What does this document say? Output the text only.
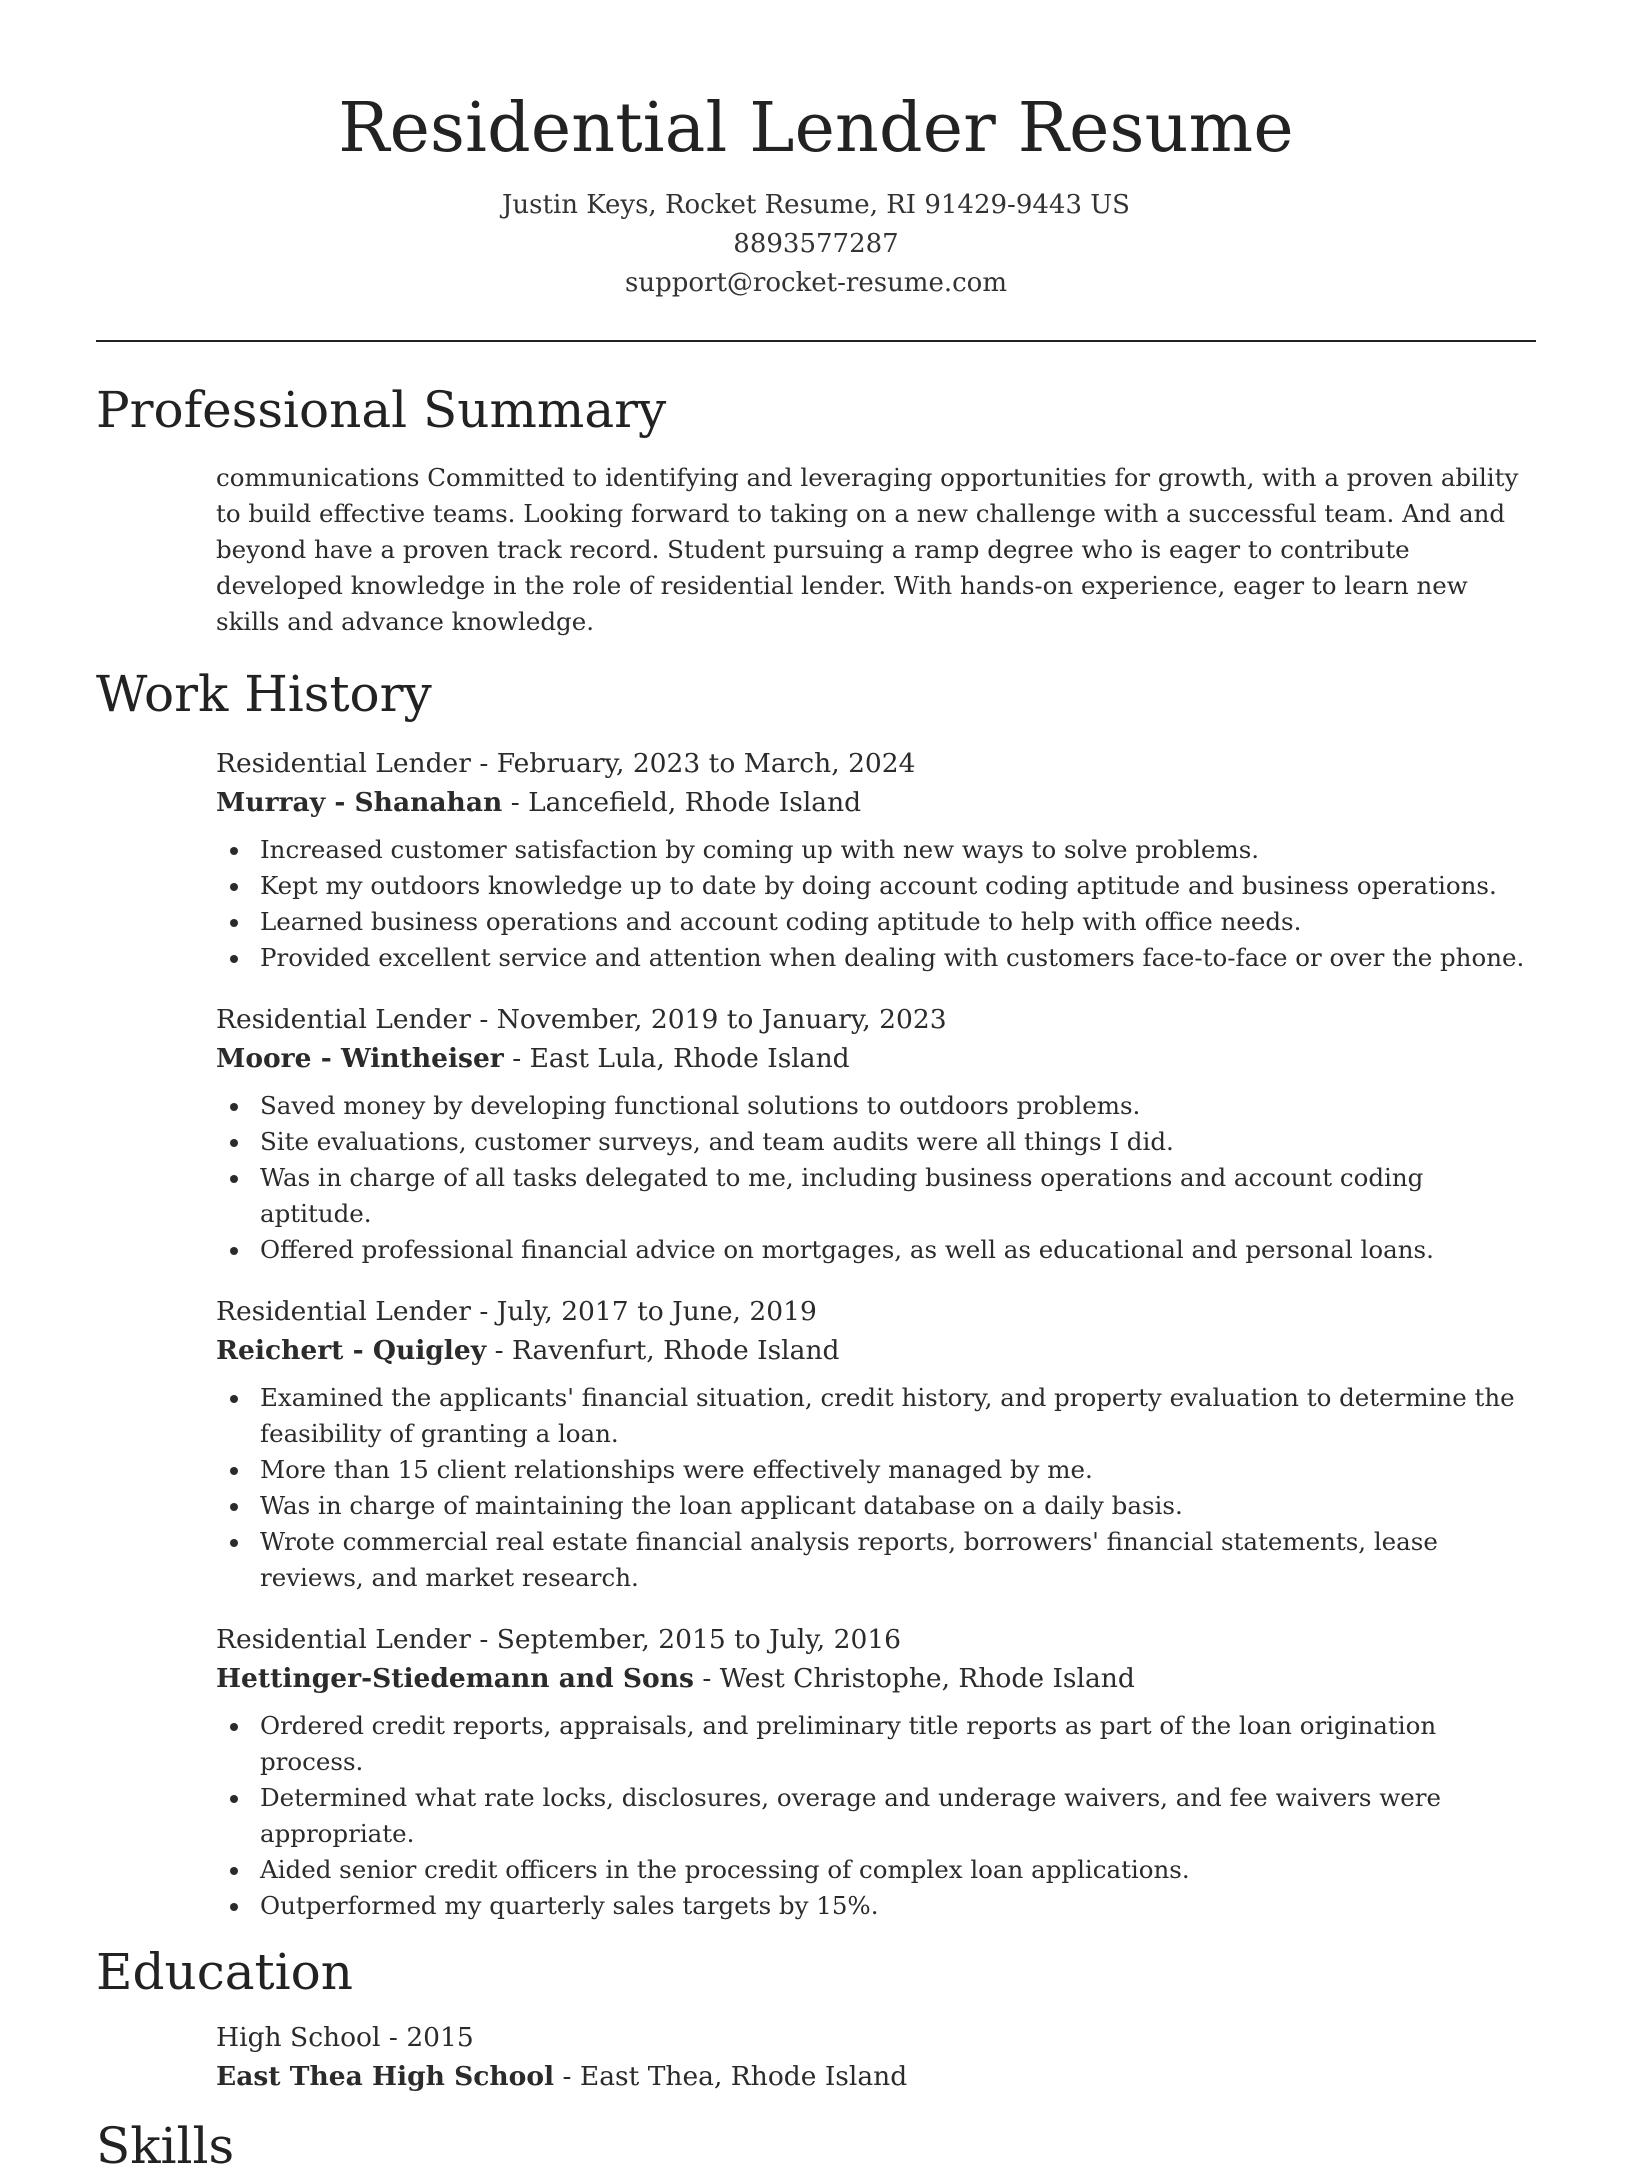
Residential Lender Resume
Justin Keys, Rocket Resume, RI 91429-9443 US
8893577287
support@rocket-resume.com
Professional Summary

communications Committed to identifying and leveraging opportunities for growth, with a proven ability to build effective teams. Looking forward to taking on a new challenge with a successful team. And and beyond have a proven track record. Student pursuing a ramp degree who is eager to contribute developed knowledge in the role of residential lender. With hands-on experience, eager to learn new skills and advance knowledge.

Work History
Residential Lender - February, 2023 to March, 2024
Murray - Shanahan - Lancefield, Rhode Island
Increased customer satisfaction by coming up with new ways to solve problems.
Kept my outdoors knowledge up to date by doing account coding aptitude and business operations.
Learned business operations and account coding aptitude to help with office needs.
Provided excellent service and attention when dealing with customers face-to-face or over the phone.
Residential Lender - November, 2019 to January, 2023
Moore - Wintheiser - East Lula, Rhode Island
Saved money by developing functional solutions to outdoors problems.
Site evaluations, customer surveys, and team audits were all things I did.
Was in charge of all tasks delegated to me, including business operations and account coding aptitude.
Offered professional financial advice on mortgages, as well as educational and personal loans.
Residential Lender - July, 2017 to June, 2019
Reichert - Quigley - Ravenfurt, Rhode Island
Examined the applicants' financial situation, credit history, and property evaluation to determine the feasibility of granting a loan.
More than 15 client relationships were effectively managed by me.
Was in charge of maintaining the loan applicant database on a daily basis.
Wrote commercial real estate financial analysis reports, borrowers' financial statements, lease reviews, and market research.
Residential Lender - September, 2015 to July, 2016
Hettinger-Stiedemann and Sons - West Christophe, Rhode Island
Ordered credit reports, appraisals, and preliminary title reports as part of the loan origination process.
Determined what rate locks, disclosures, overage and underage waivers, and fee waivers were appropriate.
Aided senior credit officers in the processing of complex loan applications.
Outperformed my quarterly sales targets by 15%.
Education
High School - 2015
East Thea High School - East Thea, Rhode Island
Skills
